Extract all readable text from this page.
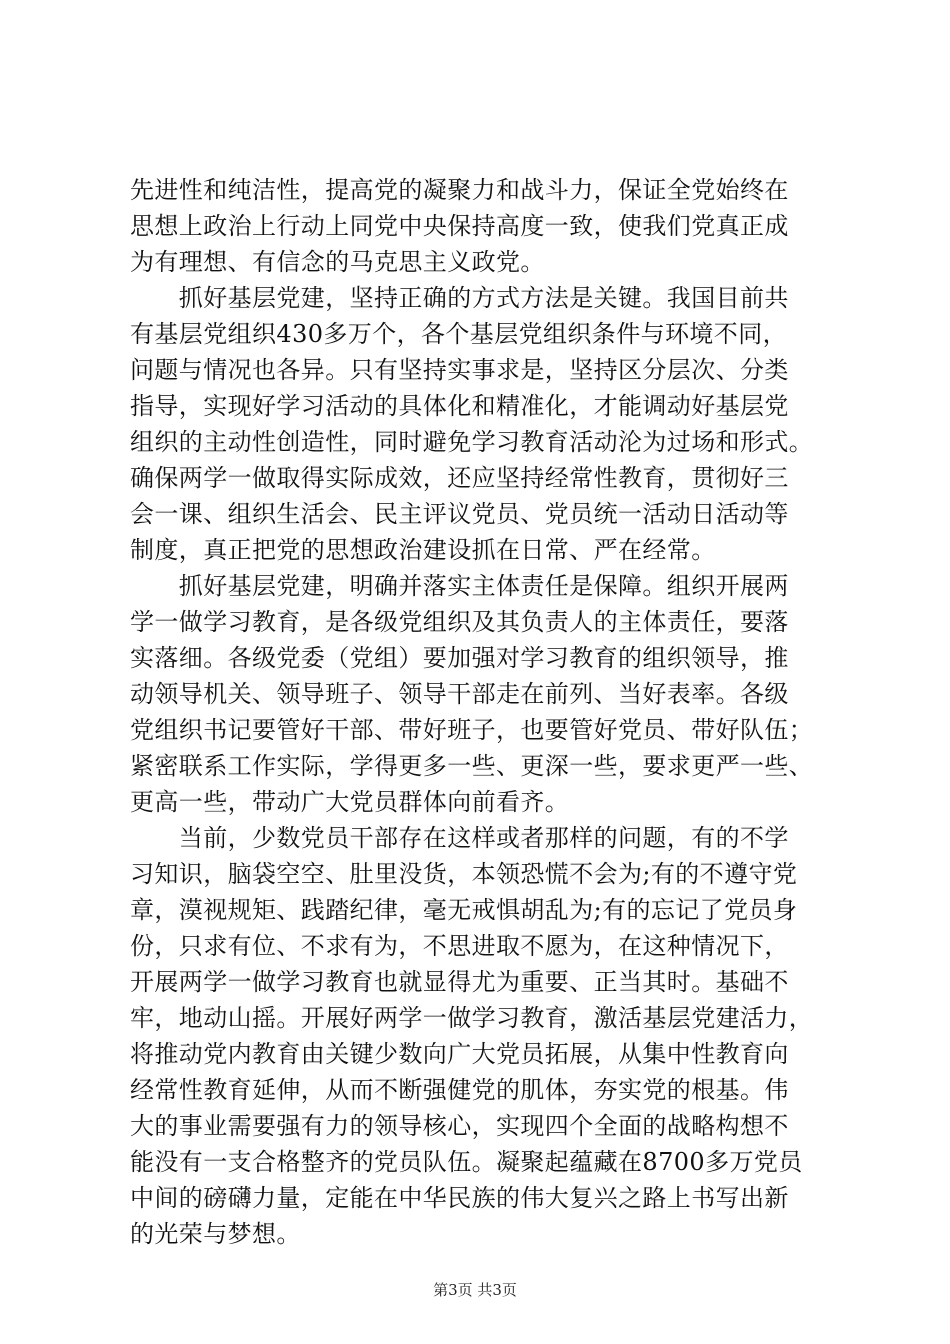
先进性和纯洁性，提高党的凝聚力和战斗力，保证全党始终在
思想上政治上行动上同党中央保持高度一致，使我们党真正成
为有理想、有信念的马克思主义政党。
　　抓好基层党建，坚持正确的方式方法是关键。我国目前共
有基层党组织430多万个，各个基层党组织条件与环境不同，
问题与情况也各异。只有坚持实事求是，坚持区分层次、分类
指导，实现好学习活动的具体化和精准化，才能调动好基层党
组织的主动性创造性，同时避免学习教育活动沦为过场和形式。
确保两学一做取得实际成效，还应坚持经常性教育，贯彻好三
会一课、组织生活会、民主评议党员、党员统一活动日活动等
制度，真正把党的思想政治建设抓在日常、严在经常。
　　抓好基层党建，明确并落实主体责任是保障。组织开展两
学一做学习教育，是各级党组织及其负责人的主体责任，要落
实落细。各级党委（党组）要加强对学习教育的组织领导，推
动领导机关、领导班子、领导干部走在前列、当好表率。各级
党组织书记要管好干部、带好班子，也要管好党员、带好队伍；
紧密联系工作实际，学得更多一些、更深一些，要求更严一些、
更高一些，带动广大党员群体向前看齐。
　　当前，少数党员干部存在这样或者那样的问题，有的不学
习知识，脑袋空空、肚里没货，本领恐慌不会为;有的不遵守党
章，漠视规矩、践踏纪律，毫无戒惧胡乱为;有的忘记了党员身
份，只求有位、不求有为，不思进取不愿为，在这种情况下，
开展两学一做学习教育也就显得尤为重要、正当其时。基础不
牢，地动山摇。开展好两学一做学习教育，激活基层党建活力，
将推动党内教育由关键少数向广大党员拓展，从集中性教育向
经常性教育延伸，从而不断强健党的肌体，夯实党的根基。伟
大的事业需要强有力的领导核心，实现四个全面的战略构想不
能没有一支合格整齐的党员队伍。凝聚起蕴藏在8700多万党员
中间的磅礴力量，定能在中华民族的伟大复兴之路上书写出新
的光荣与梦想。
第3页 共3页
